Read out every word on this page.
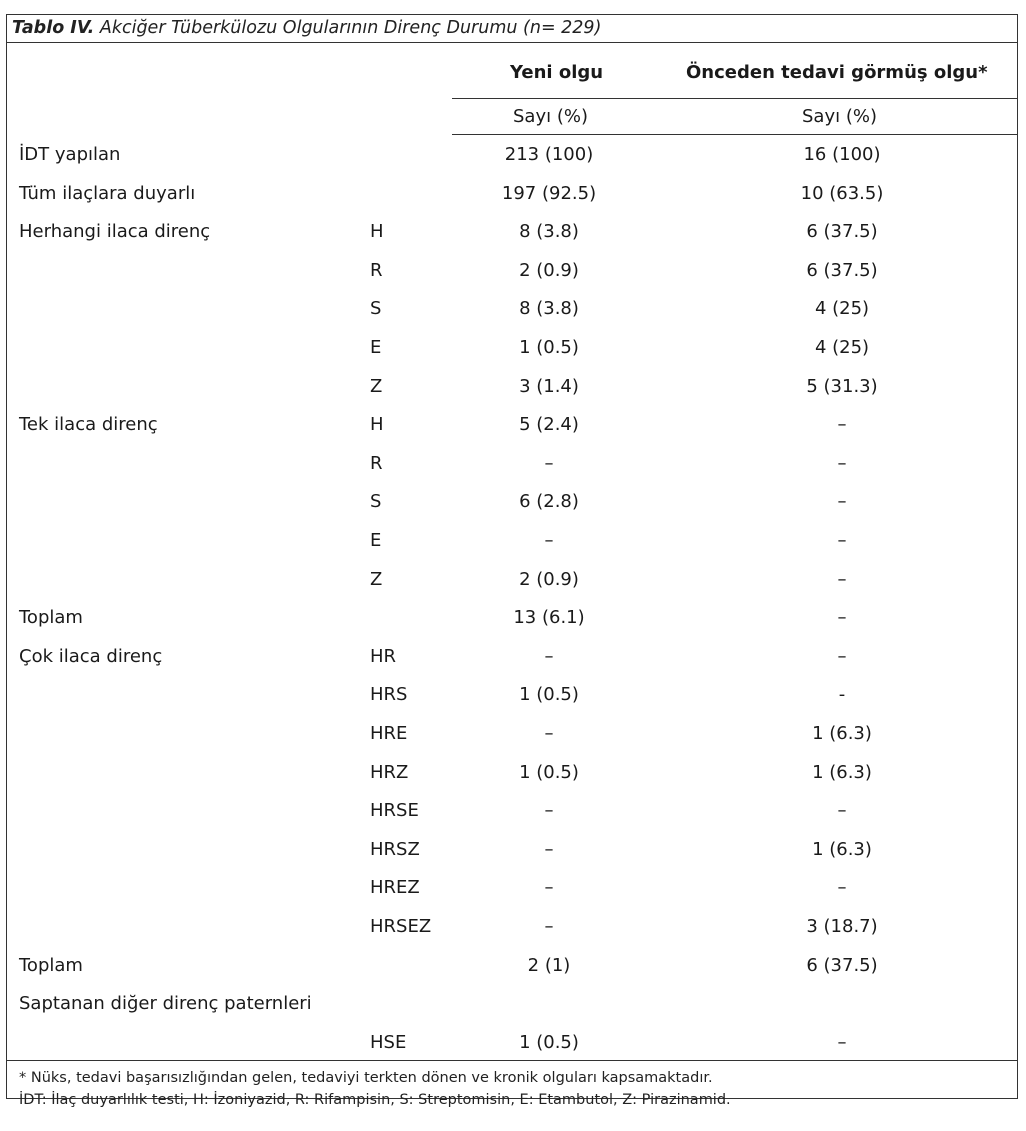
Tablo IV. Akciğer Tüberkülozu Olgularının Direnç Durumu (n= 229)
Yeni olgu	Önceden tedavi görmüş olgu*
Sayı (%)	Sayı (%)
İDT yapılan	213 (100)	16 (100)
Tüm ilaçlara duyarlı	197 (92.5)	10 (63.5)
Herhangi ilaca direnç	H	8 (3.8)	6 (37.5)
R	2 (0.9)	6 (37.5)
S	8 (3.8)	4 (25)
E	1 (0.5)	4 (25)
Z	3 (1.4)	5 (31.3)
Tek ilaca direnç	H	5 (2.4)	–
R	–	–
S	6 (2.8)	–
E	–	–
Z	2 (0.9)	–
Toplam	13 (6.1)	–
Çok ilaca direnç	HR	–	–
HRS	1 (0.5)	-
HRE	–	1 (6.3)
HRZ	1 (0.5)	1 (6.3)
HRSE	–	–
HRSZ	–	1 (6.3)
HREZ	–	–
HRSEZ	–	3 (18.7)
Toplam	2 (1)	6 (37.5)
Saptanan diğer direnç paternleri
HSE	1 (0.5)	–
* Nüks, tedavi başarısızlığından gelen, tedaviyi terkten dönen ve kronik olguları kapsamaktadır.
İDT: İlaç duyarlılık testi, H: İzoniyazid, R: Rifampisin, S: Streptomisin, E: Etambutol, Z: Pirazinamid.
